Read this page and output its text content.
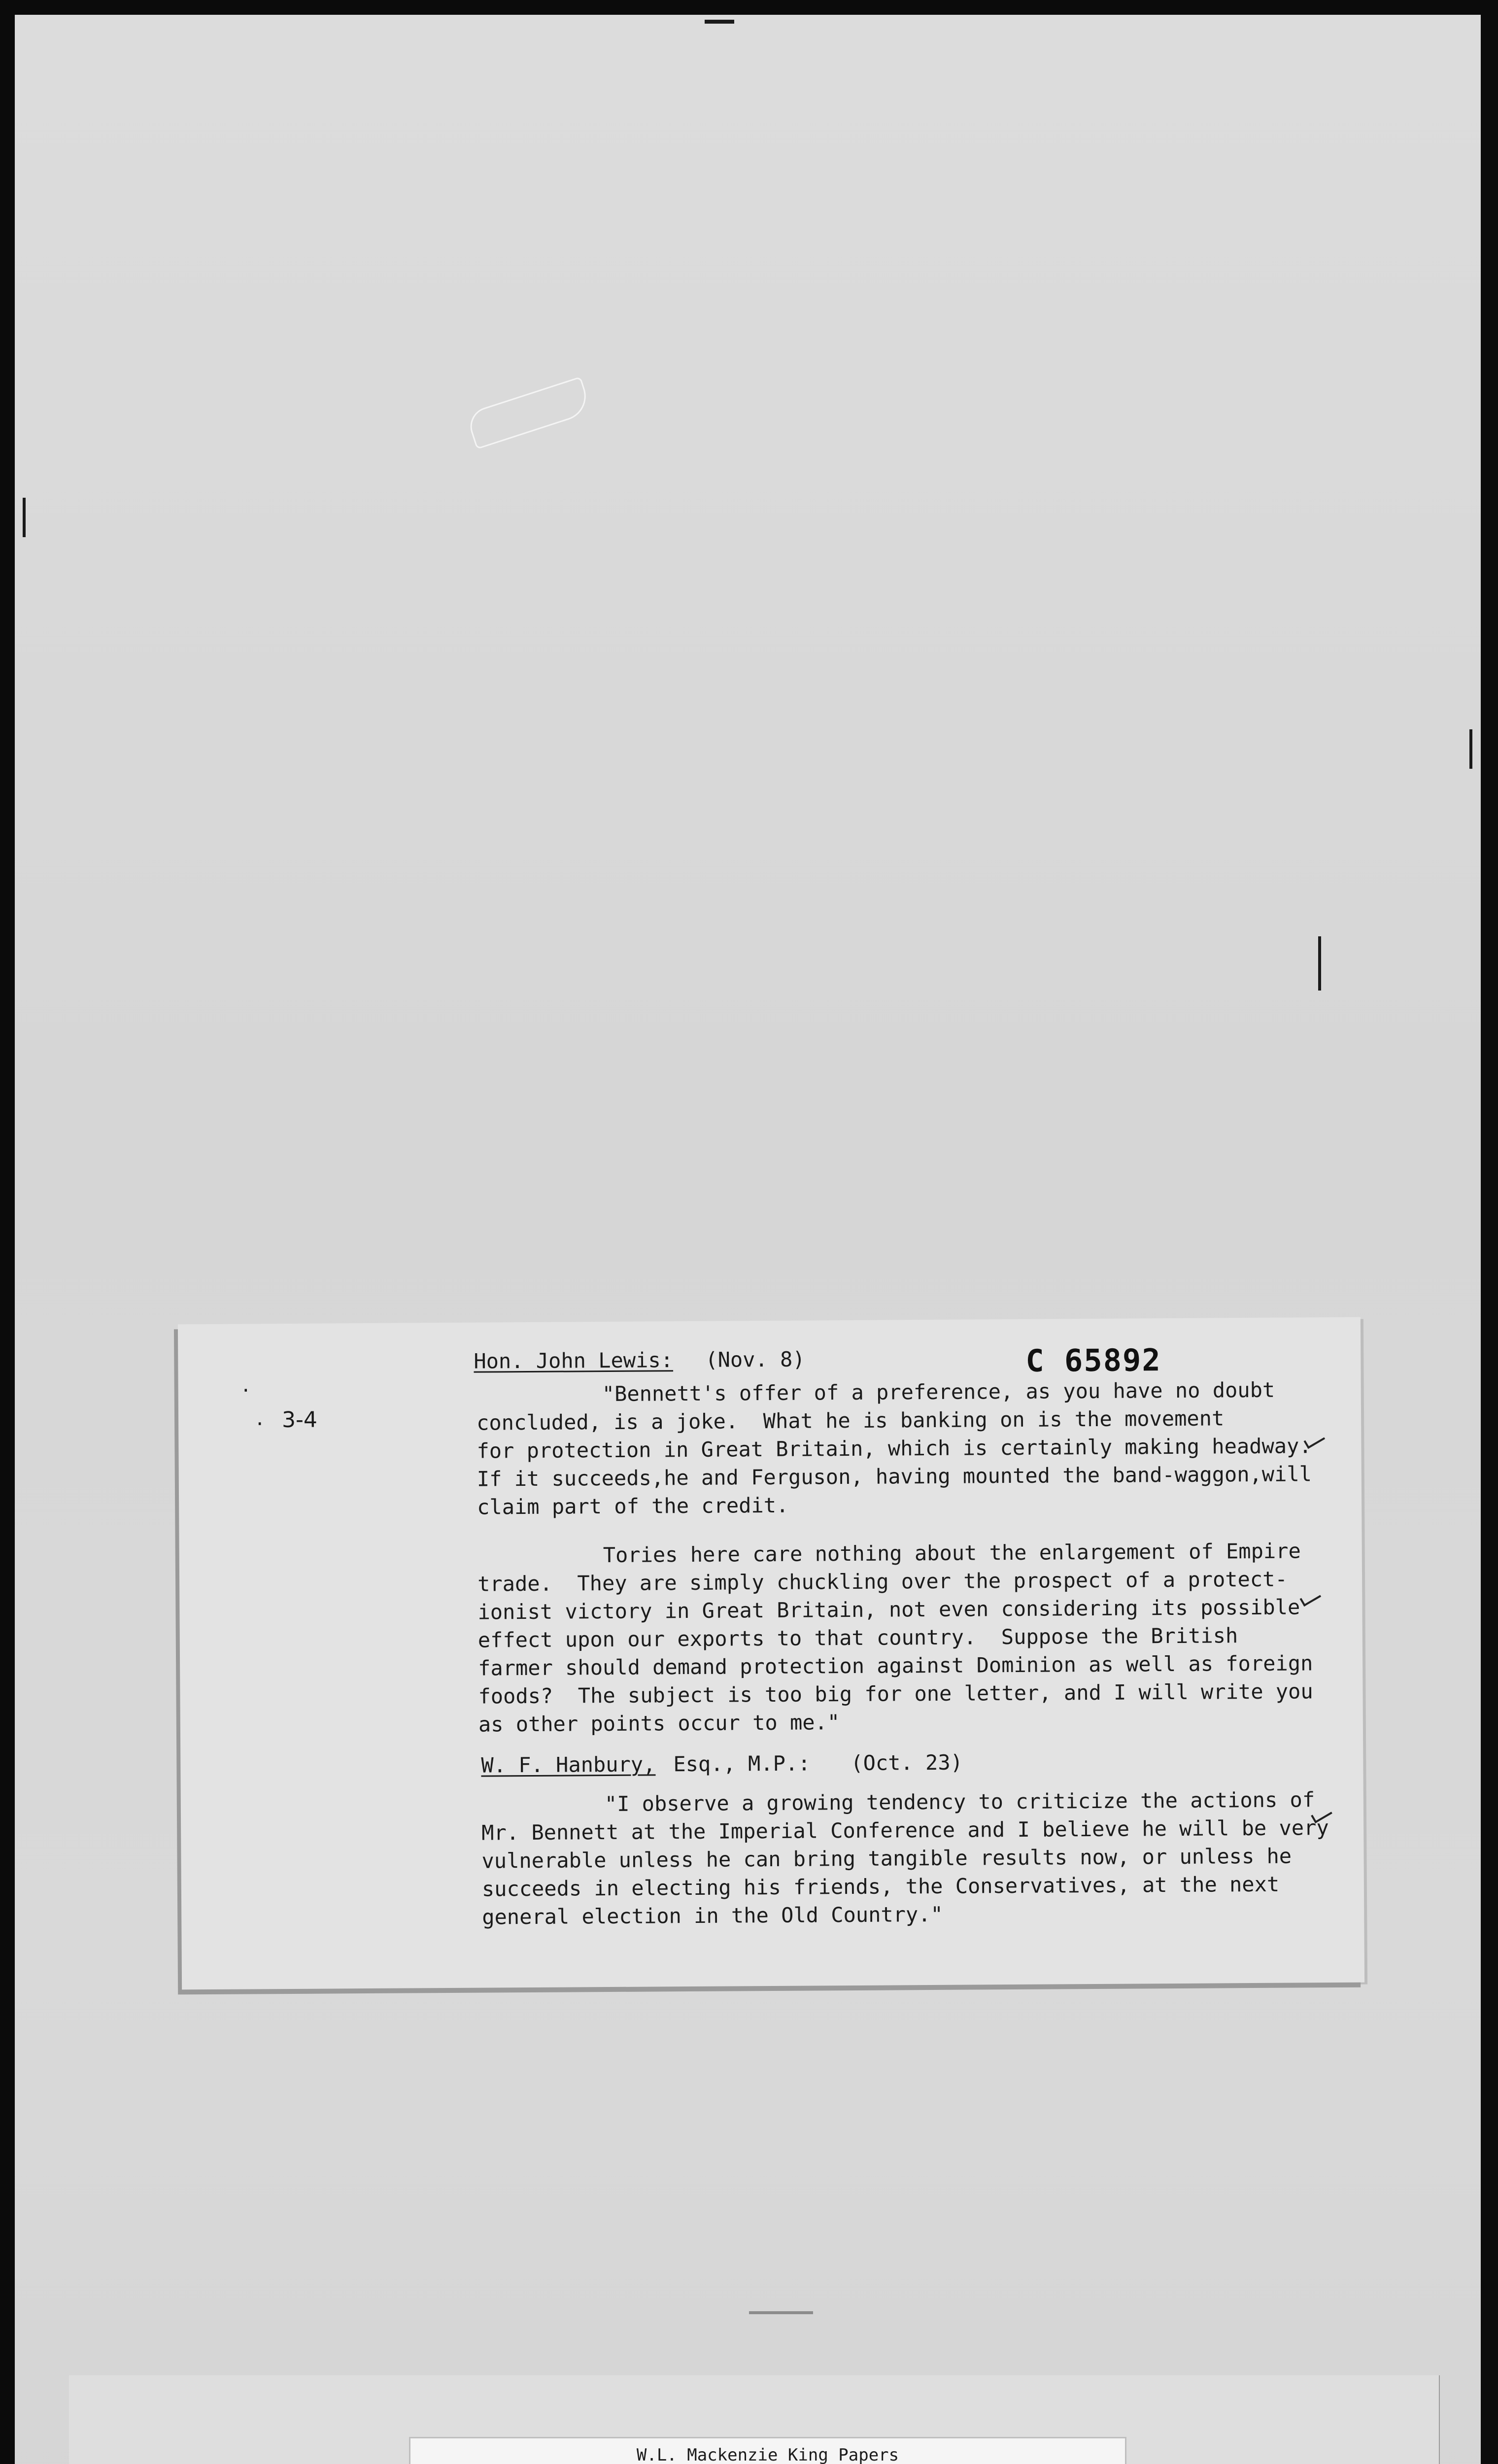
Hon. John Lewis: (Nov. 8)	C 65892
3-4
·
·
"Bennett's offer of a preference, as you have no doubt
concluded, is a joke.  What he is banking on is the movement
for protection in Great Britain, which is certainly making headway.
If it succeeds,he and Ferguson, having mounted the band-waggon,will
claim part of the credit.
Tories here care nothing about the enlargement of Empire
trade.  They are simply chuckling over the prospect of a protect-
ionist victory in Great Britain, not even considering its possible
effect upon our exports to that country.  Suppose the British
farmer should demand protection against Dominion as well as foreign
foods?  The subject is too big for one letter, and I will write you
as other points occur to me."
W. F. Hanbury, Esq., M.P.: (Oct. 23)
"I observe a growing tendency to criticize the actions of
Mr. Bennett at the Imperial Conference and I believe he will be very
vulnerable unless he can bring tangible results now, or unless he
succeeds in electing his friends, the Conservatives, at the next
general election in the Old Country."
W.L. Mackenzie King Papers
